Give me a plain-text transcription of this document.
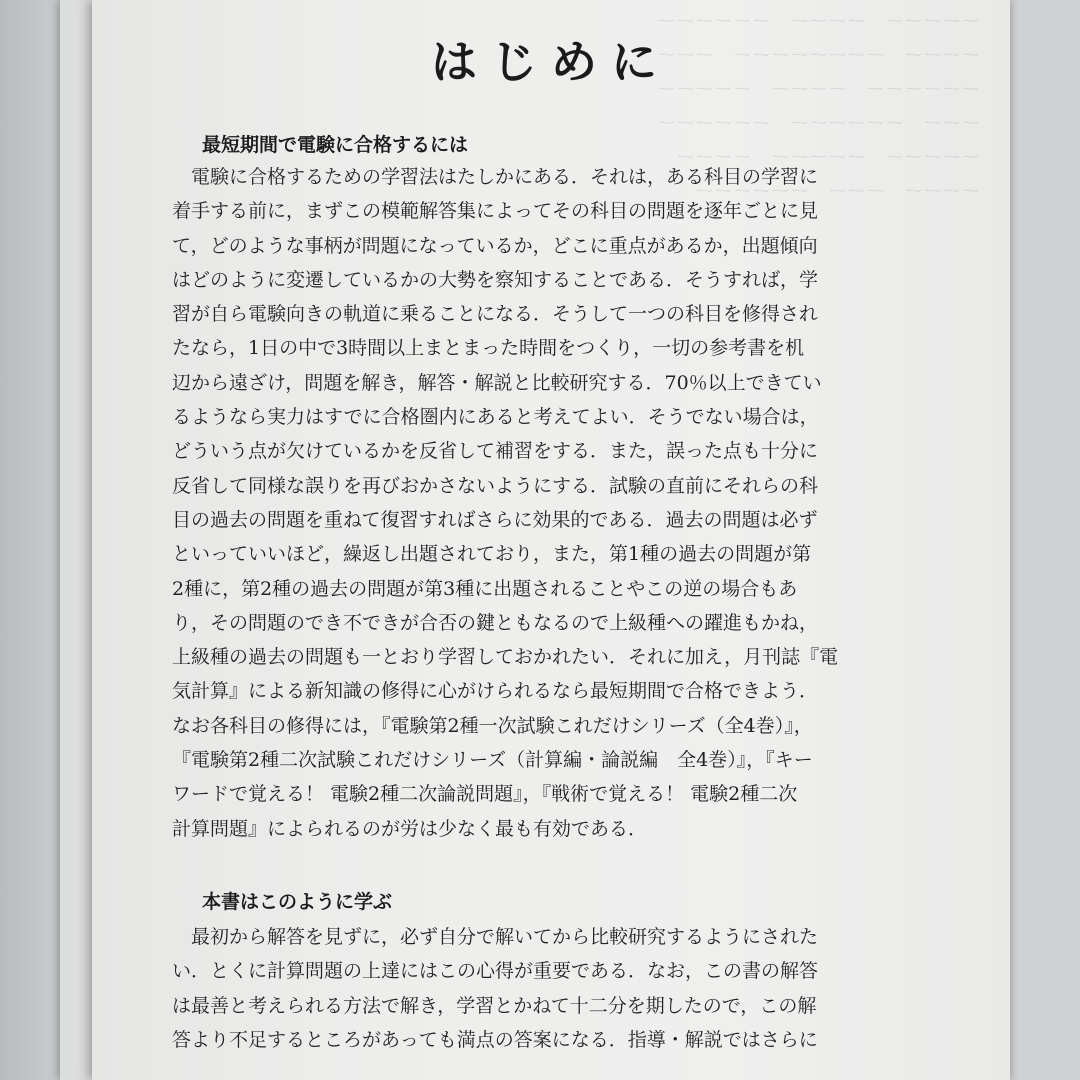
ーーーーー　ーーーー　ーーーーーー
ーーーー　ーーーーーーーー　ーーー
ーーーーーー　ーーーー　ーーーーー
ーーー　ーーーーーー　ーーーーーー
ーーーーー　ーーーーー　ーーーー
ーーーー　ーーー　ーーーーーー
はじめに
最短期間で電験に合格するには
電験に合格するための学習法はたしかにある．それは，ある科目の学習に
着手する前に，まずこの模範解答集によってその科目の問題を逐年ごとに見
て，どのような事柄が問題になっているか，どこに重点があるか，出題傾向
はどのように変遷しているかの大勢を察知することである．そうすれば，学
習が自ら電験向きの軌道に乗ることになる．そうして一つの科目を修得され
たなら，1日の中で3時間以上まとまった時間をつくり，一切の参考書を机
辺から遠ざけ，問題を解き，解答・解説と比較研究する．70％以上できてい
るようなら実力はすでに合格圏内にあると考えてよい．そうでない場合は，
どういう点が欠けているかを反省して補習をする．また，誤った点も十分に
反省して同様な誤りを再びおかさないようにする．試験の直前にそれらの科
目の過去の問題を重ねて復習すればさらに効果的である．過去の問題は必ず
といっていいほど，繰返し出題されており，また，第1種の過去の問題が第
2種に，第2種の過去の問題が第3種に出題されることやこの逆の場合もあ
り，その問題のでき不できが合否の鍵ともなるので上級種への躍進もかね，
上級種の過去の問題も一とおり学習しておかれたい．それに加え，月刊誌『電
気計算』による新知識の修得に心がけられるなら最短期間で合格できよう．
なお各科目の修得には，『電験第2種一次試験これだけシリーズ（全4巻）』，
『電験第2種二次試験これだけシリーズ（計算編・論説編　全4巻）』，『キー
ワードで覚える！ 電験2種二次論説問題』，『戦術で覚える！ 電験2種二次
計算問題』によられるのが労は少なく最も有効である．
本書はこのように学ぶ
最初から解答を見ずに，必ず自分で解いてから比較研究するようにされた
い．とくに計算問題の上達にはこの心得が重要である．なお，この書の解答
は最善と考えられる方法で解き，学習とかねて十二分を期したので，この解
答より不足するところがあっても満点の答案になる．指導・解説ではさらに
